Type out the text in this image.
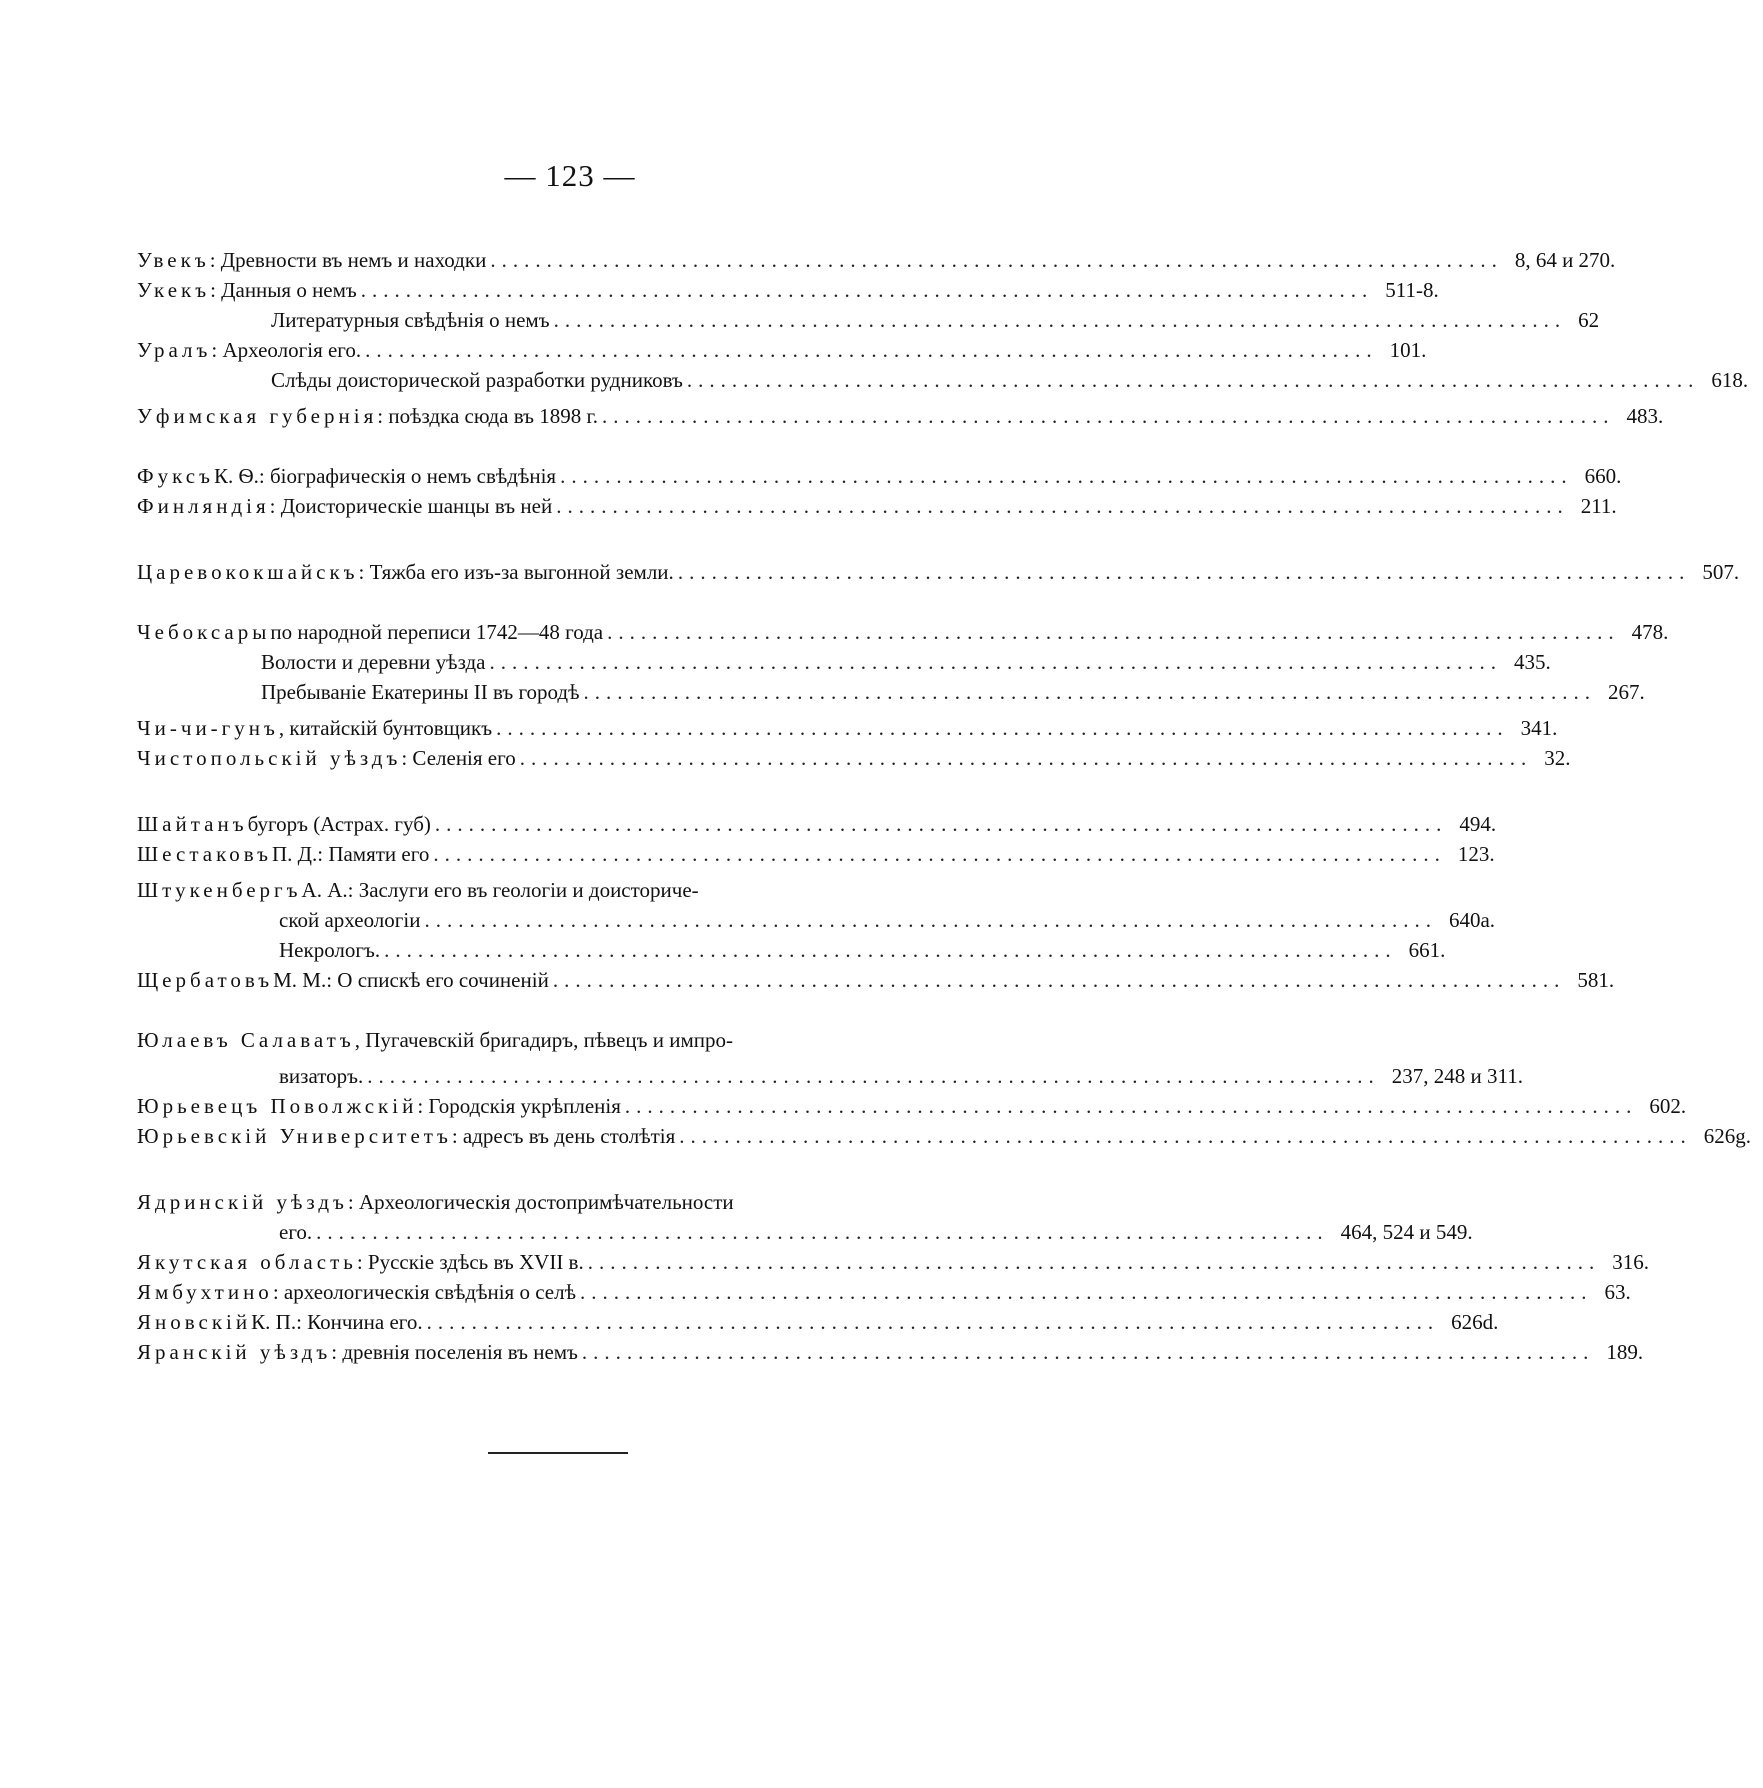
— 123 —
Увекъ : Древности въ немъ и находки .......................................................................................... 8, 64 и 270.
Укекъ : Данныя о немъ .......................................................................................... 511-8.
Литературныя свѣдѣнія о немъ .......................................................................................... 62
Уралъ : Археологія его. .......................................................................................... 101.
Слѣды доисторической разработки рудниковъ .......................................................................................... 618.
Уфимская губернія : поѣздка сюда въ 1898 г. .......................................................................................... 483.
Фуксъ К. Ѳ.: біографическія о немъ свѣдѣнія .......................................................................................... 660.
Финляндія : Доисторическіе шанцы въ ней .......................................................................................... 211.
Царевококшайскъ : Тяжба его изъ-за выгонной земли. .......................................................................................... 507.
Чебоксары по народной переписи 1742—48 года .......................................................................................... 478.
Волости и деревни уѣзда .......................................................................................... 435.
Пребываніе Екатерины II въ городѣ .......................................................................................... 267.
Чи-чи-гунъ , китайскій бунтовщикъ .......................................................................................... 341.
Чистопольскій уѣздъ : Селенія его .......................................................................................... 32.
Шайтанъ бугоръ (Астрах. губ) .......................................................................................... 494.
Шестаковъ П. Д.: Памяти его .......................................................................................... 123.
Штукенбергъ А. А.: Заслуги его въ геологіи и доисториче-
ской археологіи .......................................................................................... 640a.
Некрологъ. .......................................................................................... 661.
Щербатовъ М. М.: О спискѣ его сочиненій .......................................................................................... 581.
Юлаевъ Салаватъ , Пугачевскій бригадиръ, пѣвецъ и импро-
визаторъ. .......................................................................................... 237, 248 и 311.
Юрьевецъ Поволжскій : Городскія укрѣпленія .......................................................................................... 602.
Юрьевскій Университетъ : адресъ въ день столѣтія .......................................................................................... 626g.
Ядринскій уѣздъ : Археологическія достопримѣчательности
его. .......................................................................................... 464, 524 и 549.
Якутская область : Русскіе здѣсь въ XVII в. .......................................................................................... 316.
Ямбухтино : археологическія свѣдѣнія о селѣ .......................................................................................... 63.
Яновскій К. П.: Кончина его. .......................................................................................... 626d.
Яранскій уѣздъ : древнія поселенія въ немъ .......................................................................................... 189.
